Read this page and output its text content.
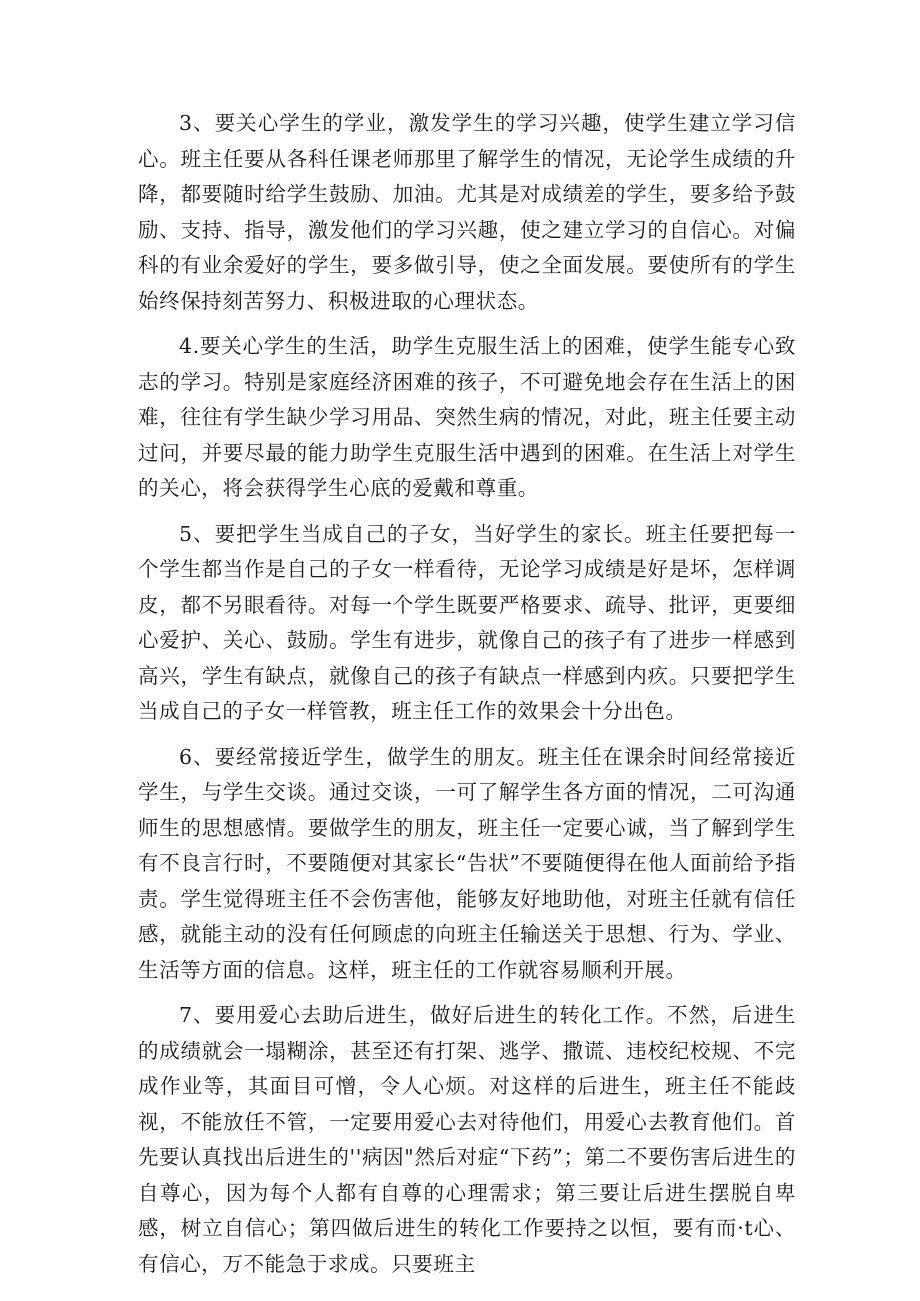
3、要关心学生的学业，激发学生的学习兴趣，使学生建立学习信心。班主任要从各科任课老师那里了解学生的情况，无论学生成绩的升降，都要随时给学生鼓励、加油。尤其是对成绩差的学生，要多给予鼓励、支持、指导，激发他们的学习兴趣，使之建立学习的自信心。对偏科的有业余爱好的学生，要多做引导，使之全面发展。要使所有的学生始终保持刻苦努力、积极进取的心理状态。

4.要关心学生的生活，助学生克服生活上的困难，使学生能专心致志的学习。特别是家庭经济困难的孩子，不可避免地会存在生活上的困难，往往有学生缺少学习用品、突然生病的情况，对此，班主任要主动过问，并要尽最的能力助学生克服生活中遇到的困难。在生活上对学生的关心，将会获得学生心底的爱戴和尊重。

5、要把学生当成自己的子女，当好学生的家长。班主任要把每一个学生都当作是自己的子女一样看待，无论学习成绩是好是坏，怎样调皮，都不另眼看待。对每一个学生既要严格要求、疏导、批评，更要细心爱护、关心、鼓励。学生有进步，就像自己的孩子有了进步一样感到高兴，学生有缺点，就像自己的孩子有缺点一样感到内疚。只要把学生当成自己的子女一样管教，班主任工作的效果会十分出色。

6、要经常接近学生，做学生的朋友。班主任在课余时间经常接近学生，与学生交谈。通过交谈，一可了解学生各方面的情况，二可沟通师生的思想感情。要做学生的朋友，班主任一定要心诚，当了解到学生有不良言行时，不要随便对其家长“告状”不要随便得在他人面前给予指责。学生觉得班主任不会伤害他，能够友好地助他，对班主任就有信任感，就能主动的没有任何顾虑的向班主任输送关于思想、行为、学业、生活等方面的信息。这样，班主任的工作就容易顺利开展。

7、要用爱心去助后进生，做好后进生的转化工作。不然，后进生的成绩就会一塌糊涂，甚至还有打架、逃学、撒谎、违校纪校规、不完成作业等，其面目可憎，令人心烦。对这样的后进生，班主任不能歧视，不能放任不管，一定要用爱心去对待他们，用爱心去教育他们。首先要认真找出后进生的''病因"然后对症“下药”；第二不要伤害后进生的自尊心，因为每个人都有自尊的心理需求；第三要让后进生摆脱自卑感，树立自信心；第四做后进生的转化工作要持之以恒，要有而·t心、有信心，万不能急于求成。只要班主
